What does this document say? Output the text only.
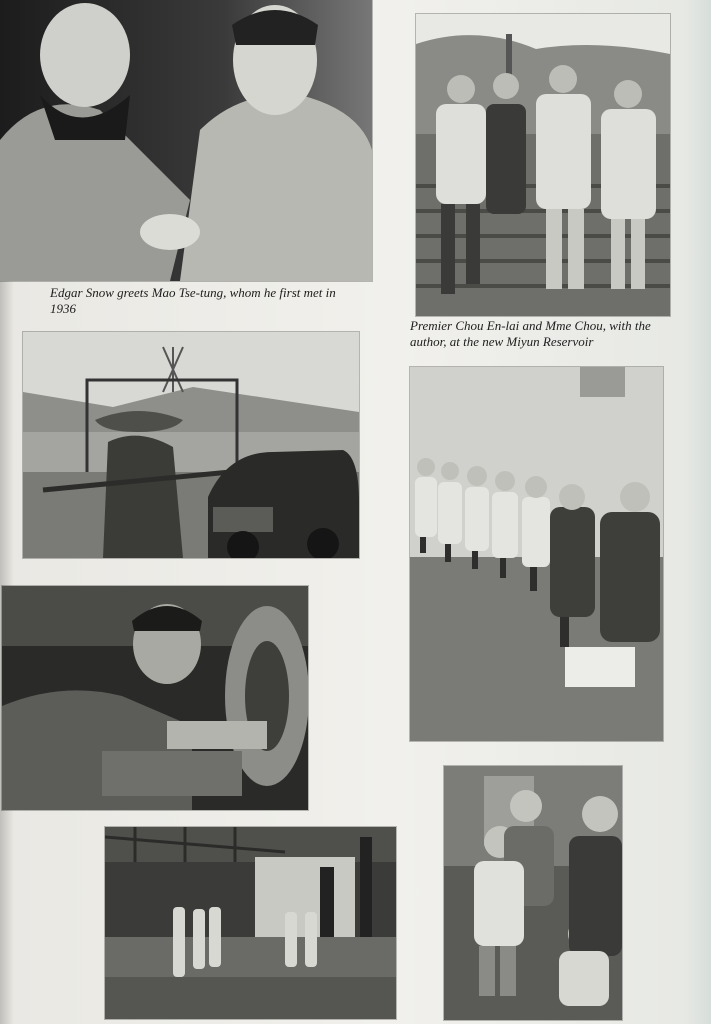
Edgar Snow greets Mao Tse-tung, whom he first met in 1936

Premier Chou En-lai and Mme Chou, with the author, at the new Miyun Reservoir
